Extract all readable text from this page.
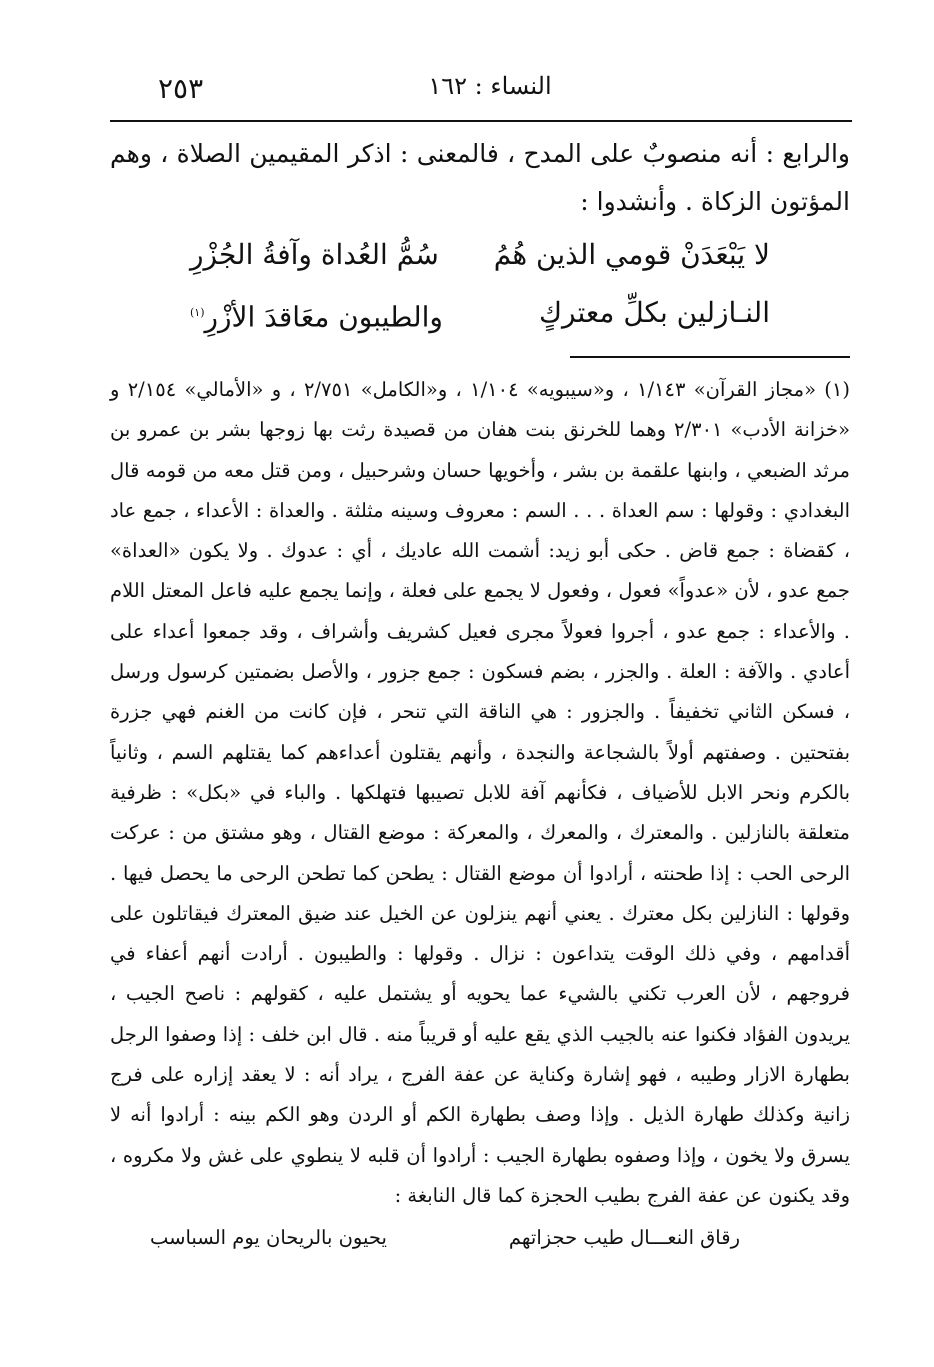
٢٥٣	النساء : ١٦٢
والرابع : أنه منصوبٌ على المدح ، فالمعنى : اذكر المقيمين الصلاة ، وهم المؤتون الزكاة . وأنشدوا :
لا يَبْعَدَنْ قومي الذين هُمُ
سُمُّ العُداة وآفةُ الجُزْرِ
النـازلين بكلِّ معتركٍ
والطيبون معَاقدَ الأزْرِ$^{(١)}$

(١) «مجاز القرآن» ١/١٤٣ ، و«سيبويه» ١/١٠٤ ، و«الكامل» ٢/٧٥١ ، و «الأمالي» ٢/١٥٤ و «خزانة الأدب» ٢/٣٠١ وهما للخرنق بنت هفان من قصيدة رثت بها زوجها بشر بن عمرو بن مرثد الضبعي ، وابنها علقمة بن بشر ، وأخويها حسان وشرحبيل ، ومن قتل معه من قومه قال البغدادي : وقولها : سم العداة . . . السم : معروف وسينه مثلثة . والعداة : الأعداء ، جمع عاد ، كقضاة : جمع قاض . حكى أبو زيد: أشمت الله عاديك ، أي : عدوك . ولا يكون «العداة» جمع عدو ، لأن «عدواً» فعول ، وفعول لا يجمع على فعلة ، وإنما يجمع عليه فاعل المعتل اللام . والأعداء : جمع عدو ، أجروا فعولاً مجرى فعيل كشريف وأشراف ، وقد جمعوا أعداء على أعادي . والآفة : العلة . والجزر ، بضم فسكون : جمع جزور ، والأصل بضمتين كرسول ورسل ، فسكن الثاني تخفيفاً . والجزور : هي الناقة التي تنحر ، فإن كانت من الغنم فهي جزرة بفتحتين . وصفتهم أولاً بالشجاعة والنجدة ، وأنهم يقتلون أعداءهم كما يقتلهم السم ، وثانياً بالكرم ونحر الابل للأضياف ، فكأنهم آفة للابل تصيبها فتهلكها . والباء في «بكل» : ظرفية متعلقة بالنازلين . والمعترك ، والمعرك ، والمعركة : موضع القتال ، وهو مشتق من : عركت الرحى الحب : إذا طحنته ، أرادوا أن موضع القتال : يطحن كما تطحن الرحى ما يحصل فيها . وقولها : النازلين بكل معترك . يعني أنهم ينزلون عن الخيل عند ضيق المعترك فيقاتلون على أقدامهم ، وفي ذلك الوقت يتداعون : نزال . وقولها : والطيبون . أرادت أنهم أعفاء في فروجهم ، لأن العرب تكني بالشيء عما يحويه أو يشتمل عليه ، كقولهم : ناصح الجيب ، يريدون الفؤاد فكنوا عنه بالجيب الذي يقع عليه أو قريباً منه . قال ابن خلف : إذا وصفوا الرجل بطهارة الازار وطيبه ، فهو إشارة وكناية عن عفة الفرج ، يراد أنه : لا يعقد إزاره على فرج زانية وكذلك طهارة الذيل . وإذا وصف بطهارة الكم أو الردن وهو الكم بينه : أرادوا أنه لا يسرق ولا يخون ، وإذا وصفوه بطهارة الجيب : أرادوا أن قلبه لا ينطوي على غش ولا مكروه ، وقد يكنون عن عفة الفرج بطيب الحجزة كما قال النابغة :

رقاق النعـــال طيب حجزاتهم
يحيون بالريحان يوم السباسب
